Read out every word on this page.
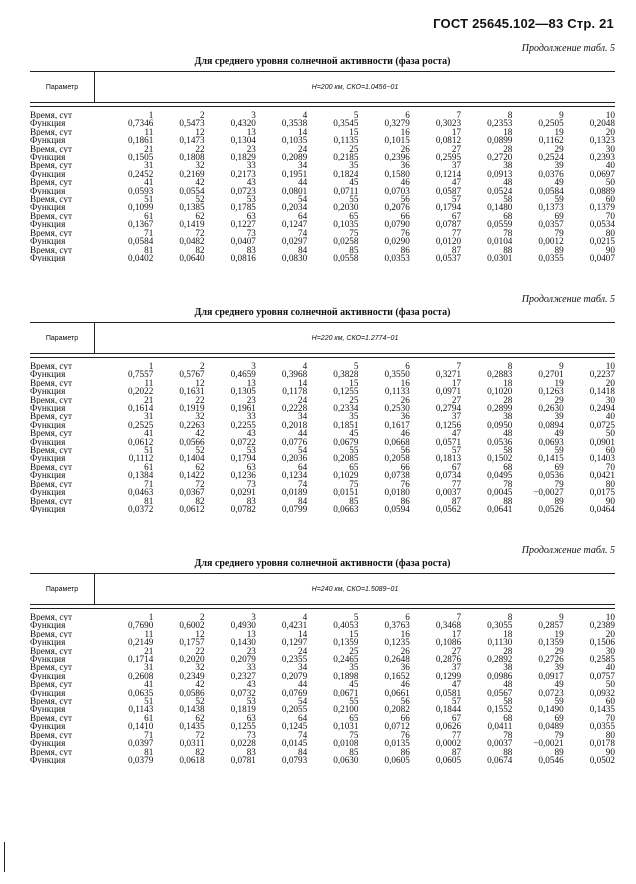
ГОСТ 25645.102—83 Стр. 21
Продолжение табл. 5
Для среднего уровня солнечной активности (фаза роста)
Параметр	H=200 км, СКО=1.0456−01
Время, сут	1	2	3	4	5	6	7	8	9	10
Функция	0,7346	0,5473	0,4320	0,3538	0,3545	0,3279	0,3023	0,2353	0,2505	0,2048
Время, сут	11	12	13	14	15	16	17	18	19	20
Функция	0,1861	0,1473	0,1304	0,1035	0,1135	0,1015	0,0812	0,0899	0,1162	0,1323
Время, сут	21	22	23	24	25	26	27	28	29	30
Функция	0,1505	0,1808	0,1829	0,2089	0,2185	0,2396	0,2595	0,2720	0,2524	0,2393
Время, сут	31	32	33	34	35	36	37	38	39	40
Функция	0,2452	0,2169	0,2173	0,1951	0,1824	0,1580	0,1214	0,0913	0,0376	0,0697
Время, сут	41	42	43	44	45	46	47	48	49	50
Функция	0,0593	0,0554	0,0723	0,0801	0,0711	0,0703	0,0587	0,0524	0,0584	0,0889
Время, сут	51	52	53	54	55	56	57	58	59	60
Функция	0,1099	0,1385	0,1785	0,2034	0,2030	0,2076	0,1794	0,1480	0,1373	0,1379
Время, сут	61	62	63	64	65	66	67	68	69	70
Функция	0,1367	0,1419	0,1227	0,1247	0,1035	0,0790	0,0787	0,0559	0,0357	0,0534
Время, сут	71	72	73	74	75	76	77	78	79	80
Функция	0,0584	0,0482	0,0407	0,0297	0,0258	0,0290	0,0120	0,0104	0,0012	0,0215
Время, сут	81	82	83	84	85	86	87	88	89	90
Функция	0,0402	0,0640	0,0816	0,0830	0,0558	0,0353	0,0537	0,0301	0,0355	0,0407
Продолжение табл. 5
Для среднего уровня солнечной активности (фаза роста)
Параметр	H=220 км, СКО=1.2774−01
Время, сут	1	2	3	4	5	6	7	8	9	10
Функция	0,7557	0,5767	0,4659	0,3968	0,3828	0,3550	0,3271	0,2883	0,2701	0,2237
Время, сут	11	12	13	14	15	16	17	18	19	20
Функция	0,2022	0,1631	0,1305	0,1178	0,1255	0,1133	0,0971	0,1020	0,1263	0,1418
Время, сут	21	22	23	24	25	26	27	28	29	30
Функция	0,1614	0,1919	0,1961	0,2228	0,2334	0,2530	0,2794	0,2899	0,2630	0,2494
Время, сут	31	32	33	34	35	36	37	38	39	40
Функция	0,2525	0,2263	0,2255	0,2018	0,1851	0,1617	0,1256	0,0950	0,0894	0,0725
Время, сут	41	42	43	44	45	46	47	48	49	50
Функция	0,0612	0,0566	0,0722	0,0776	0,0679	0,0668	0,0571	0,0536	0,0693	0,0901
Время, сут	51	52	53	54	55	56	57	58	59	60
Функция	0,1112	0,1404	0,1794	0,2036	0,2085	0,2058	0,1813	0,1502	0,1415	0,1403
Время, сут	61	62	63	64	65	66	67	68	69	70
Функция	0,1384	0,1422	0,1236	0,1234	0,1029	0,0738	0,0734	0,0495	0,0536	0,0421
Время, сут	71	72	73	74	75	76	77	78	79	80
Функция	0,0463	0,0367	0,0291	0,0189	0,0151	0,0180	0,0037	0,0045	−0,0027	0,0175
Время, сут	81	82	83	84	85	86	87	88	89	90
Функция	0,0372	0,0612	0,0782	0,0799	0,0663	0,0594	0,0562	0,0641	0,0526	0,0464
Продолжение табл. 5
Для среднего уровня солнечной активности (фаза роста)
Параметр	H=240 км, СКО=1.5089−01
Время, сут	1	2	3	4	5	6	7	8	9	10
Функция	0,7690	0,6002	0,4930	0,4231	0,4053	0,3763	0,3468	0,3055	0,2857	0,2389
Время, сут	11	12	13	14	15	16	17	18	19	20
Функция	0,2149	0,1757	0,1430	0,1297	0,1359	0,1235	0,1086	0,1130	0,1359	0,1506
Время, сут	21	22	23	24	25	26	27	28	29	30
Функция	0,1714	0,2020	0,2079	0,2355	0,2465	0,2648	0,2876	0,2892	0,2726	0,2585
Время, сут	31	32	33	34	35	36	37	38	39	40
Функция	0,2608	0,2349	0,2327	0,2079	0,1898	0,1652	0,1299	0,0986	0,0917	0,0757
Время, сут	41	42	43	44	45	46	47	48	49	50
Функция	0,0635	0,0586	0,0732	0,0769	0,0671	0,0661	0,0581	0,0567	0,0723	0,0932
Время, сут	51	52	53	54	55	56	57	58	59	60
Функция	0,1143	0,1438	0,1819	0,2055	0,2100	0,2082	0,1844	0,1552	0,1490	0,1435
Время, сут	61	62	63	64	65	66	67	68	69	70
Функция	0,1410	0,1435	0,1255	0,1245	0,1031	0,0712	0,0626	0,0411	0,0489	0,0355
Время, сут	71	72	73	74	75	76	77	78	79	80
Функция	0,0397	0,0311	0,0228	0,0145	0,0108	0,0135	0,0002	0,0037	−0,0021	0,0178
Время, сут	81	82	83	84	85	86	87	88	89	90
Функция	0,0379	0,0618	0,0781	0,0793	0,0630	0,0605	0,0605	0,0674	0,0546	0,0502
